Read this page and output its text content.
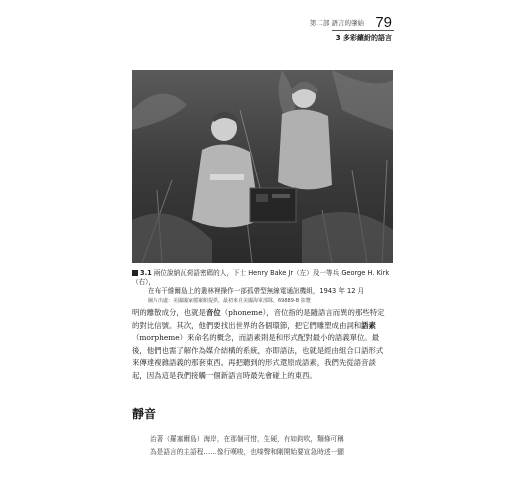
第二部 語言的肇始 79
3 多彩繽紛的語言
3.1 兩位說納瓦荷語密碼的人，下士 Henry Bake Jr（左）及一等兵 George H. Kirk（右），
在布干維爾島上的叢林裡操作一部孤帶型無線電通訊機組，1943 年 12 月
圖片出處：美國國家檔案館提供，最初來自美國海軍部隊，69889-B 影覽
明的離散成分，也就是音位（phoneme），音位指的是隨語言而異的那些特定
的對比信號。其次，他們要找出世界的各個環節，把它們雕塑成由詞和語素
（morpheme）來命名的概念，而語素則是和形式配對最小的語義單位。最
後，他們也需了解作為媒介結構的系統，亦即語法，也就是經由組合口語形式
來傳達複雜語義的那套東西。再把聽到的形式還原成語素，我們先從語音談
起，因為這是我們接觸一個新語言時最先會碰上的東西。
靜音
治著（羅塞爾島）海岸，在那個可惜，生硬，有如鈞吹，麵條可稱
為是語言的主語程……像行嘆唆，也嗪聲和剛開始要宣急時述一顯
